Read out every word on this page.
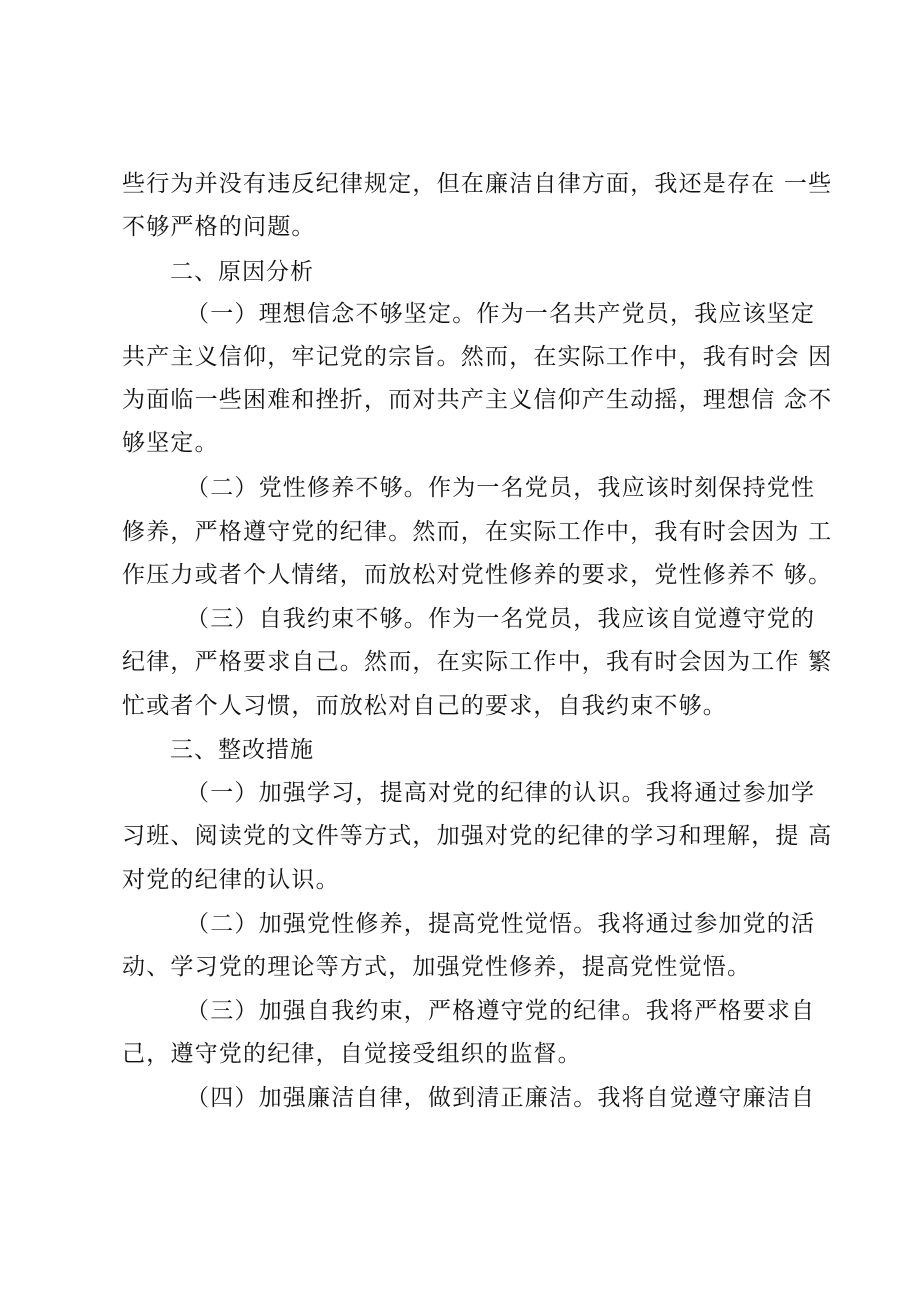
些行为并没有违反纪律规定，但在廉洁自律方面，我还是存在 一些
不够严格的问题。
二、原因分析
（一）理想信念不够坚定。作为一名共产党员，我应该坚定
共产主义信仰，牢记党的宗旨。然而，在实际工作中，我有时会 因
为面临一些困难和挫折，而对共产主义信仰产生动摇，理想信 念不
够坚定。
（二）党性修养不够。作为一名党员，我应该时刻保持党性
修养，严格遵守党的纪律。然而，在实际工作中，我有时会因为 工
作压力或者个人情绪，而放松对党性修养的要求，党性修养不 够。
（三）自我约束不够。作为一名党员，我应该自觉遵守党的
纪律，严格要求自己。然而，在实际工作中，我有时会因为工作 繁
忙或者个人习惯，而放松对自己的要求，自我约束不够。
三、整改措施
（一）加强学习，提高对党的纪律的认识。我将通过参加学
习班、阅读党的文件等方式，加强对党的纪律的学习和理解，提 高
对党的纪律的认识。
（二）加强党性修养，提高党性觉悟。我将通过参加党的活
动、学习党的理论等方式，加强党性修养，提高党性觉悟。
（三）加强自我约束，严格遵守党的纪律。我将严格要求自
己，遵守党的纪律，自觉接受组织的监督。
（四）加强廉洁自律，做到清正廉洁。我将自觉遵守廉洁自
